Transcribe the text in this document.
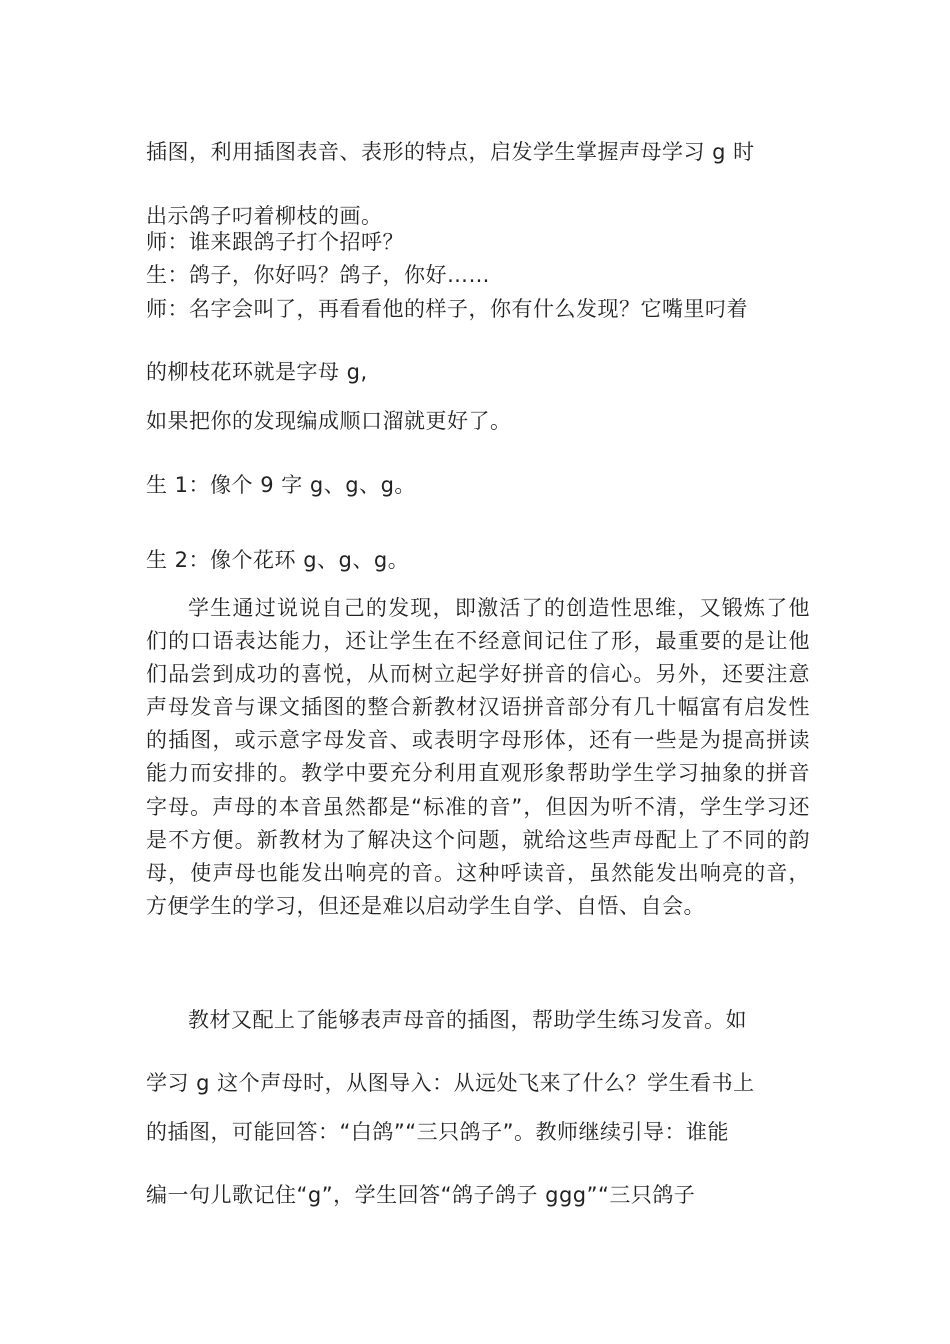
插图，利用插图表音、表形的特点，启发学生掌握声母学习 g 时
出示鸽子叼着柳枝的画。
师：谁来跟鸽子打个招呼？
生：鸽子，你好吗？鸽子，你好……
师：名字会叫了，再看看他的样子，你有什么发现？它嘴里叼着
的柳枝花环就是字母 g,
如果把你的发现编成顺口溜就更好了。
生 1：像个 9 字 g、g、g。
生 2：像个花环 g、g、g。

学生通过说说自己的发现，即激活了的创造性思维，又锻炼了他们的口语表达能力，还让学生在不经意间记住了形，最重要的是让他们品尝到成功的喜悦，从而树立起学好拼音的信心。另外，还要注意声母发音与课文插图的整合新教材汉语拼音部分有几十幅富有启发性的插图，或示意字母发音、或表明字母形体，还有一些是为提高拼读能力而安排的。教学中要充分利用直观形象帮助学生学习抽象的拼音字母。声母的本音虽然都是“标准的音”，但因为听不清，学生学习还是不方便。新教材为了解决这个问题，就给这些声母配上了不同的韵母，使声母也能发出响亮的音。这种呼读音，虽然能发出响亮的音，方便学生的学习，但还是难以启动学生自学、自悟、自会。

教材又配上了能够表声母音的插图，帮助学生练习发音。如
学习 g 这个声母时，从图导入：从远处飞来了什么？学生看书上
的插图，可能回答：“白鸽”“三只鸽子”。教师继续引导：谁能
编一句儿歌记住“g”，学生回答“鸽子鸽子 ggg”“三只鸽子
